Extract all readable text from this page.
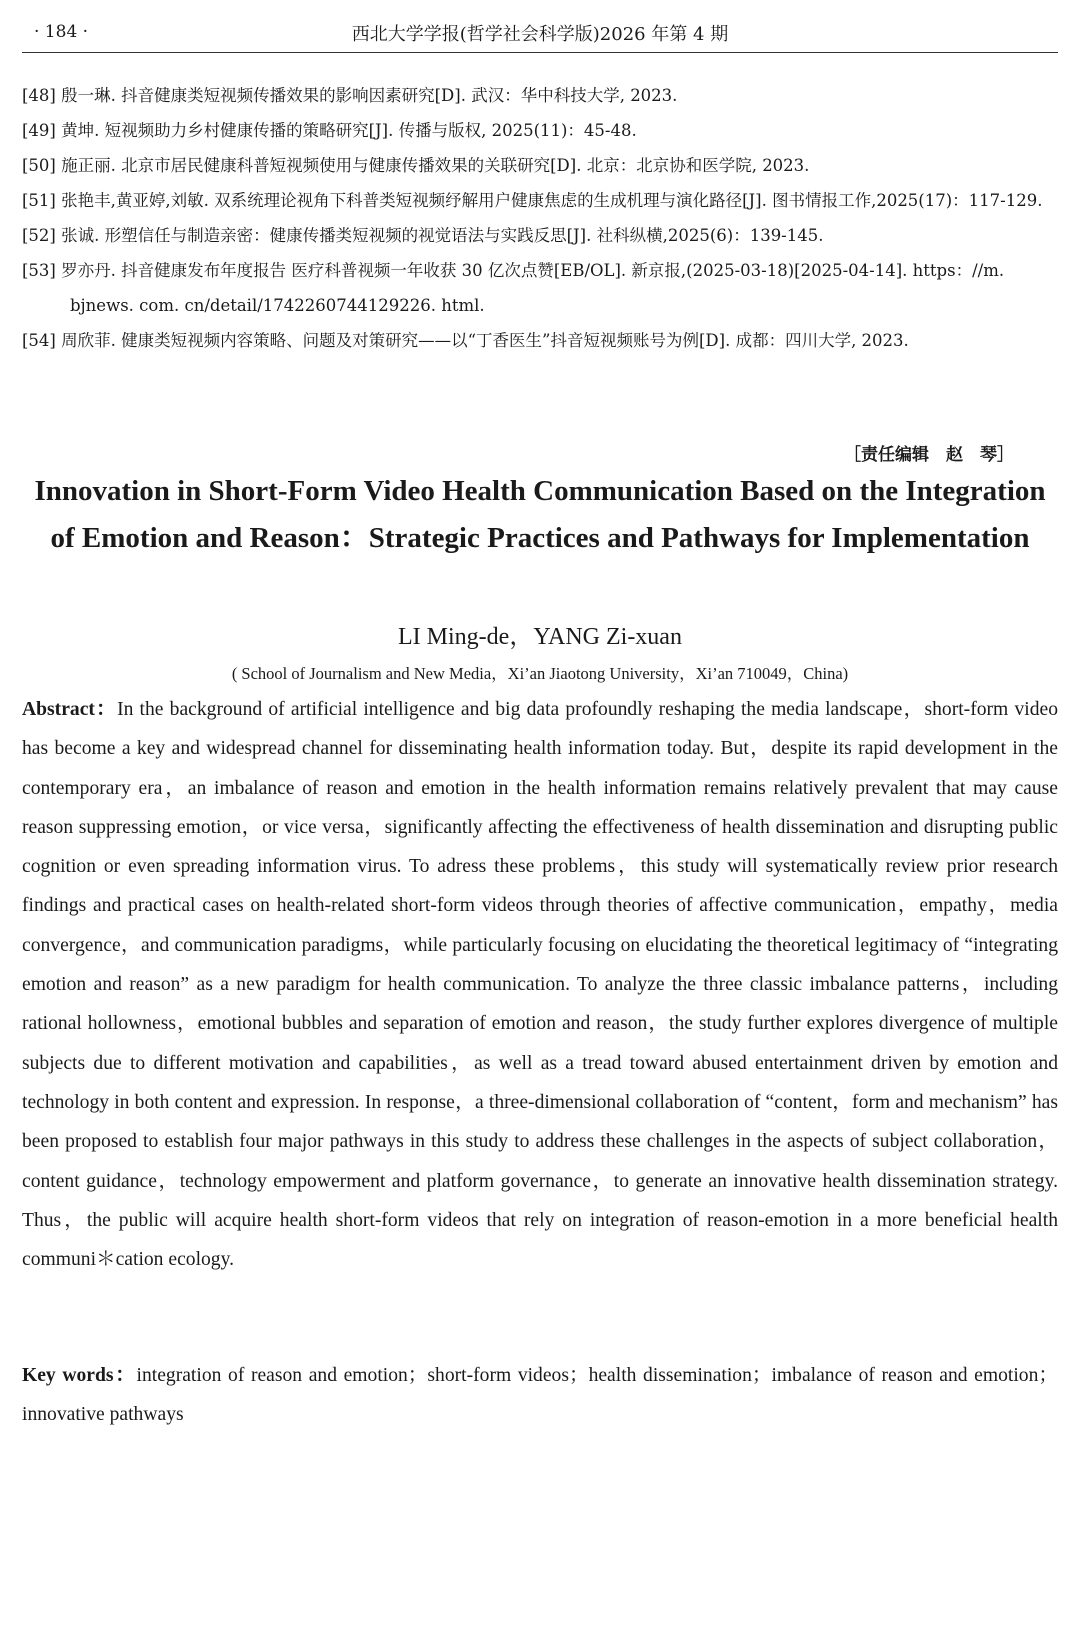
· 184 ·	西北大学学报(哲学社会科学版)2026 年第 4 期
[48] 殷一琳. 抖音健康类短视频传播效果的影响因素研究[D]. 武汉：华中科技大学, 2023.
[49] 黄坤. 短视频助力乡村健康传播的策略研究[J]. 传播与版权, 2025(11)：45-48.
[50] 施正丽. 北京市居民健康科普短视频使用与健康传播效果的关联研究[D]. 北京：北京协和医学院, 2023.
[51] 张艳丰,黄亚婷,刘敏. 双系统理论视角下科普类短视频纾解用户健康焦虑的生成机理与演化路径[J]. 图书情报工作,2025(17)：117-129.
[52] 张诚. 形塑信任与制造亲密：健康传播类短视频的视觉语法与实践反思[J]. 社科纵横,2025(6)：139-145.
[53] 罗亦丹. 抖音健康发布年度报告 医疗科普视频一年收获 30 亿次点赞[EB/OL]. 新京报,(2025-03-18)[2025-04-14]. https：//m. bjnews. com. cn/detail/1742260744129226. html.
[54] 周欣菲. 健康类短视频内容策略、问题及对策研究——以“丁香医生”抖音短视频账号为例[D]. 成都：四川大学, 2023.
［责任编辑　赵　琴］
Innovation in Short-Form Video Health Communication Based on the Integration of Emotion and Reason：Strategic Practices and Pathways for Implementation
LI Ming-de，YANG Zi-xuan
( School of Journalism and New Media，Xi’an Jiaotong University，Xi’an 710049，China)
Abstract：In the background of artificial intelligence and big data profoundly reshaping the media landscape，short-form video has become a key and widespread channel for disseminating health information today. But，despite its rapid development in the contemporary era，an imbalance of reason and emotion in the health information remains relatively prevalent that may cause reason suppressing emotion，or vice versa，significantly affecting the effectiveness of health dissemination and disrupting public cognition or even spreading information virus. To adress these problems，this study will systematically review prior research findings and practical cases on health-related short-form videos through theories of affective communication，empathy，media convergence，and communication paradigms，while particularly focusing on elucidating the theoretical legitimacy of “integrating emotion and reason” as a new paradigm for health communication. To analyze the three classic imbalance patterns，including rational hollowness，emotional bubbles and separation of emotion and reason，the study further explores divergence of multiple subjects due to different motivation and capabilities，as well as a tread toward abused entertainment driven by emotion and technology in both content and expression. In response，a three-dimensional collaboration of “content，form and mechanism” has been proposed to establish four major pathways in this study to address these challenges in the aspects of subject collaboration，content guidance，technology empowerment and platform governance，to generate an innovative health dissemination strategy. Thus，the public will acquire health short-form videos that rely on integration of reason-emotion in a more beneficial health communi＊cation ecology.
Key words：integration of reason and emotion；short-form videos；health dissemination；imbalance of reason and emotion；innovative pathways
